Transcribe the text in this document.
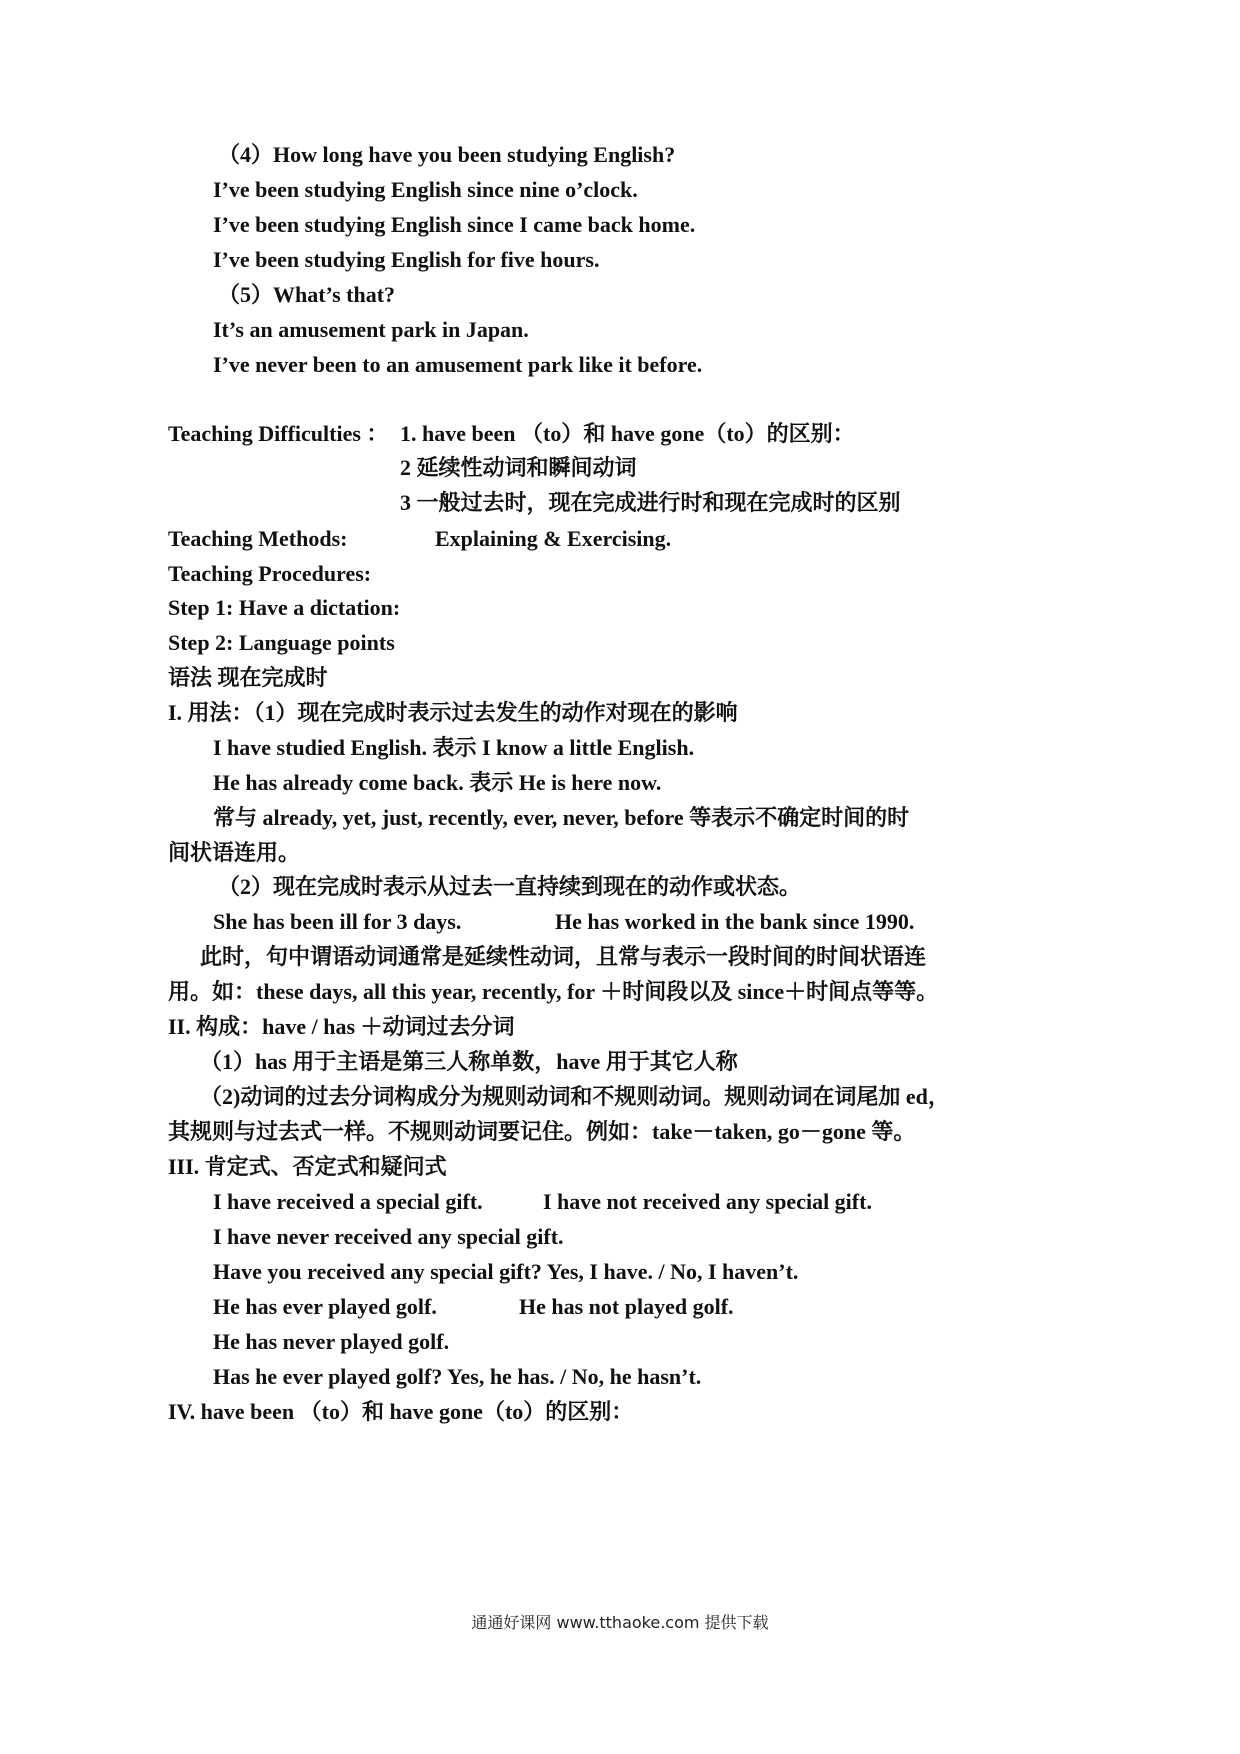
（4）How long have you been studying English?
I’ve been studying English since nine o’clock.
I’ve been studying English since I came back home.
I’ve been studying English for five hours.
（5）What’s that?
It’s an amusement park in Japan.
I’ve never been to an amusement park like it before.
Teaching Difficulties ： 1. have been （to）和 have gone（to）的区别：
2 延续性动词和瞬间动词
3 一般过去时，现在完成进行时和现在完成时的区别
Teaching Methods:	Explaining & Exercising.
Teaching Procedures:
Step 1: Have a dictation:
Step 2: Language points
语法 现在完成时
I. 用法：（1）现在完成时表示过去发生的动作对现在的影响
I have studied English. 表示 I know a little English.
He has already come back. 表示 He is here now.
常与 already, yet, just, recently, ever, never, before 等表示不确定时间的时
间状语连用。
（2）现在完成时表示从过去一直持续到现在的动作或状态。
She has been ill for 3 days.	He has worked in the bank since 1990.
此时，句中谓语动词通常是延续性动词，且常与表示一段时间的时间状语连
用。如：these days, all this year, recently, for ＋时间段以及 since＋时间点等等。
II. 构成：have / has ＋动词过去分词
（1）has 用于主语是第三人称单数，have 用于其它人称
（2)动词的过去分词构成分为规则动词和不规则动词。规则动词在词尾加 ed，
其规则与过去式一样。不规则动词要记住。例如：take－taken, go－gone 等。
III. 肯定式、否定式和疑问式
I have received a special gift.	I have not received any special gift.
I have never received any special gift.
Have you received any special gift? Yes, I have. / No, I haven’t.
He has ever played golf.	He has not played golf.
He has never played golf.
Has he ever played golf? Yes, he has. / No, he hasn’t.
IV. have been （to）和 have gone（to）的区别：
通通好课网 www.tthaoke.com 提供下载
